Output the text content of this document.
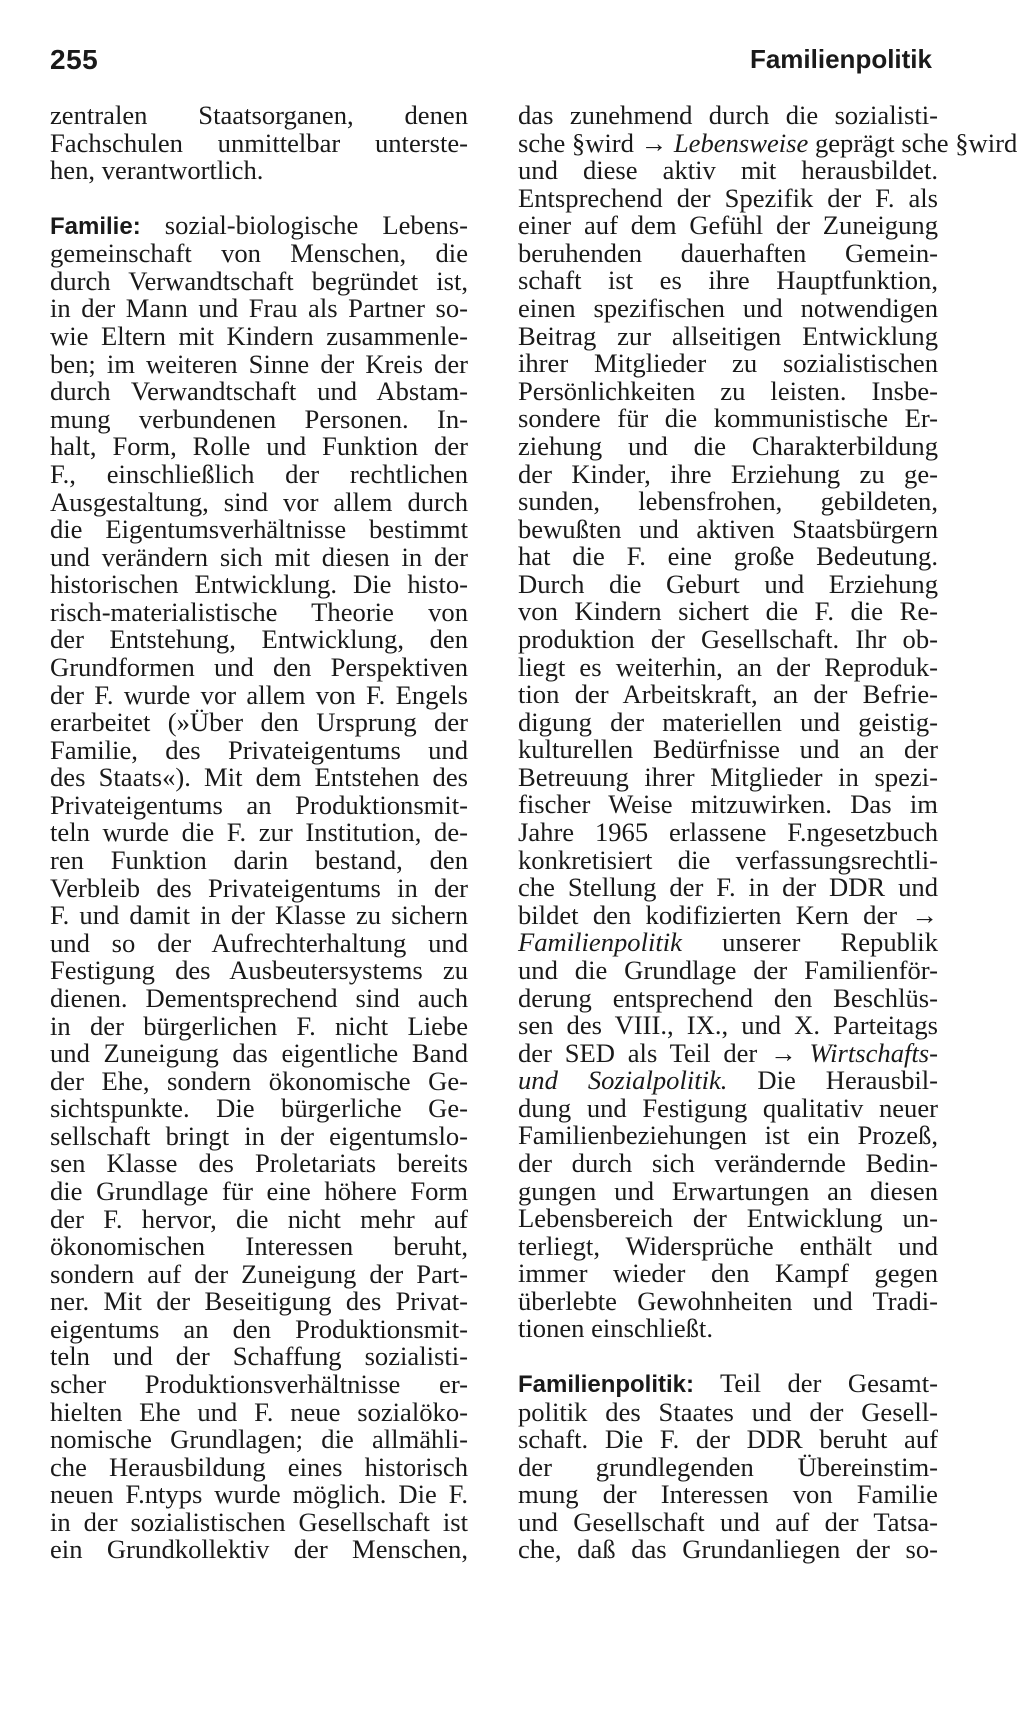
255	Familienpolitik
zentralen Staatsorganen, denen
Fachschulen unmittelbar unterste-
hen, verantwortlich.
Familie: sozial-biologische Lebens-
gemeinschaft von Menschen, die
durch Verwandtschaft begründet ist,
in der Mann und Frau als Partner so-
wie Eltern mit Kindern zusammenle-
ben; im weiteren Sinne der Kreis der
durch Verwandtschaft und Abstam-
mung verbundenen Personen. In-
halt, Form, Rolle und Funktion der
F., einschließlich der rechtlichen
Ausgestaltung, sind vor allem durch
die Eigentumsverhältnisse bestimmt
und verändern sich mit diesen in der
historischen Entwicklung. Die histo-
risch-materialistische Theorie von
der Entstehung, Entwicklung, den
Grundformen und den Perspektiven
der F. wurde vor allem von F. Engels
erarbeitet (»Über den Ursprung der
Familie, des Privateigentums und
des Staats«). Mit dem Entstehen des
Privateigentums an Produktionsmit-
teln wurde die F. zur Institution, de-
ren Funktion darin bestand, den
Verbleib des Privateigentums in der
F. und damit in der Klasse zu sichern
und so der Aufrechterhaltung und
Festigung des Ausbeutersystems zu
dienen. Dementsprechend sind auch
in der bürgerlichen F. nicht Liebe
und Zuneigung das eigentliche Band
der Ehe, sondern ökonomische Ge-
sichtspunkte. Die bürgerliche Ge-
sellschaft bringt in der eigentumslo-
sen Klasse des Proletariats bereits
die Grundlage für eine höhere Form
der F. hervor, die nicht mehr auf
ökonomischen Interessen beruht,
sondern auf der Zuneigung der Part-
ner. Mit der Beseitigung des Privat-
eigentums an den Produktionsmit-
teln und der Schaffung sozialisti-
scher Produktionsverhältnisse er-
hielten Ehe und F. neue sozialöko-
nomische Grundlagen; die allmähli-
che Herausbildung eines historisch
neuen F.ntyps wurde möglich. Die F.
in der sozialistischen Gesellschaft ist
ein Grundkollektiv der Menschen,
das zunehmend durch die sozialisti-
sche §wird → Lebensweise geprägt sche §wird
und diese aktiv mit herausbildet.
Entsprechend der Spezifik der F. als
einer auf dem Gefühl der Zuneigung
beruhenden dauerhaften Gemein-
schaft ist es ihre Hauptfunktion,
einen spezifischen und notwendigen
Beitrag zur allseitigen Entwicklung
ihrer Mitglieder zu sozialistischen
Persönlichkeiten zu leisten. Insbe-
sondere für die kommunistische Er-
ziehung und die Charakterbildung
der Kinder, ihre Erziehung zu ge-
sunden, lebensfrohen, gebildeten,
bewußten und aktiven Staatsbürgern
hat die F. eine große Bedeutung.
Durch die Geburt und Erziehung
von Kindern sichert die F. die Re-
produktion der Gesellschaft. Ihr ob-
liegt es weiterhin, an der Reproduk-
tion der Arbeitskraft, an der Befrie-
digung der materiellen und geistig-
kulturellen Bedürfnisse und an der
Betreuung ihrer Mitglieder in spezi-
fischer Weise mitzuwirken. Das im
Jahre 1965 erlassene F.ngesetzbuch
konkretisiert die verfassungsrechtli-
che Stellung der F. in der DDR und
bildet den kodifizierten Kern der →
Familienpolitik unserer Republik
und die Grundlage der Familienför-
derung entsprechend den Beschlüs-
sen des VIII., IX., und X. Parteitags
der SED als Teil der → Wirtschafts-
und Sozialpolitik. Die Herausbil-
dung und Festigung qualitativ neuer
Familienbeziehungen ist ein Prozeß,
der durch sich verändernde Bedin-
gungen und Erwartungen an diesen
Lebensbereich der Entwicklung un-
terliegt, Widersprüche enthält und
immer wieder den Kampf gegen
überlebte Gewohnheiten und Tradi-
tionen einschließt.
Familienpolitik: Teil der Gesamt-
politik des Staates und der Gesell-
schaft. Die F. der DDR beruht auf
der grundlegenden Übereinstim-
mung der Interessen von Familie
und Gesellschaft und auf der Tatsa-
che, daß das Grundanliegen der so-
